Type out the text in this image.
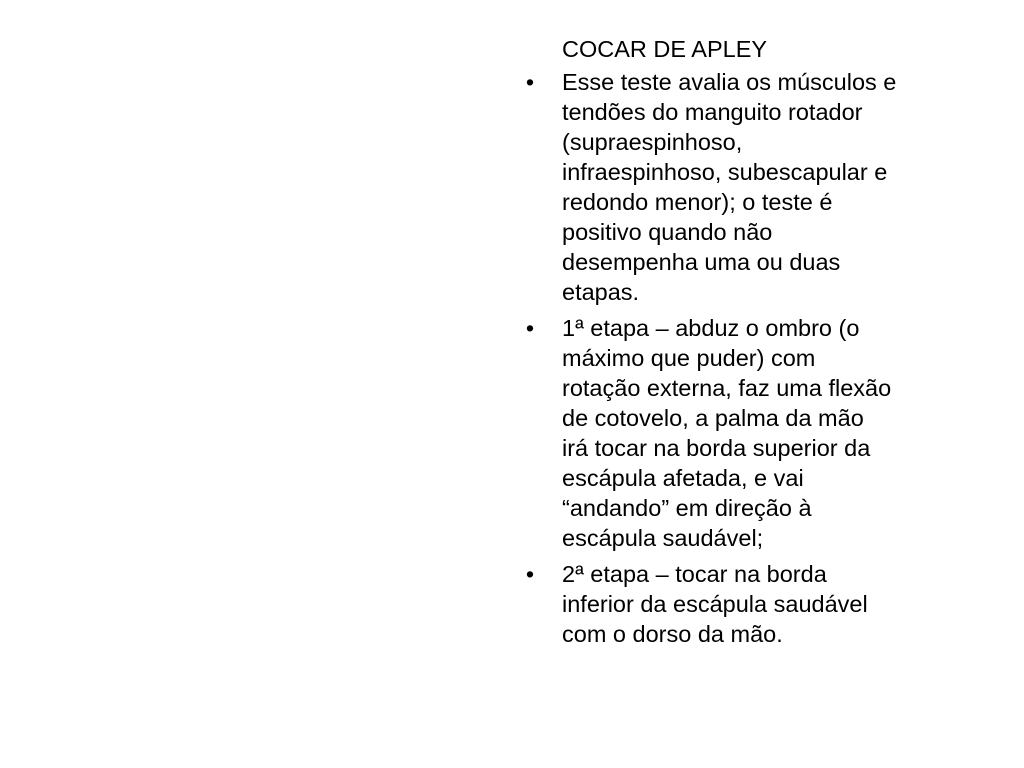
COCAR DE APLEY
• Esse teste avalia os músculos e
tendões do manguito rotador
(supraespinhoso,
infraespinhoso, subescapular e
redondo menor); o teste é
positivo quando não
desempenha uma ou duas
etapas.
• 1ª etapa – abduz o ombro (o
máximo que puder) com
rotação externa, faz uma flexão
de cotovelo, a palma da mão
irá tocar na borda superior da
escápula afetada, e vai
“andando” em direção à
escápula saudável;
• 2ª etapa – tocar na borda
inferior da escápula saudável
com o dorso da mão.
